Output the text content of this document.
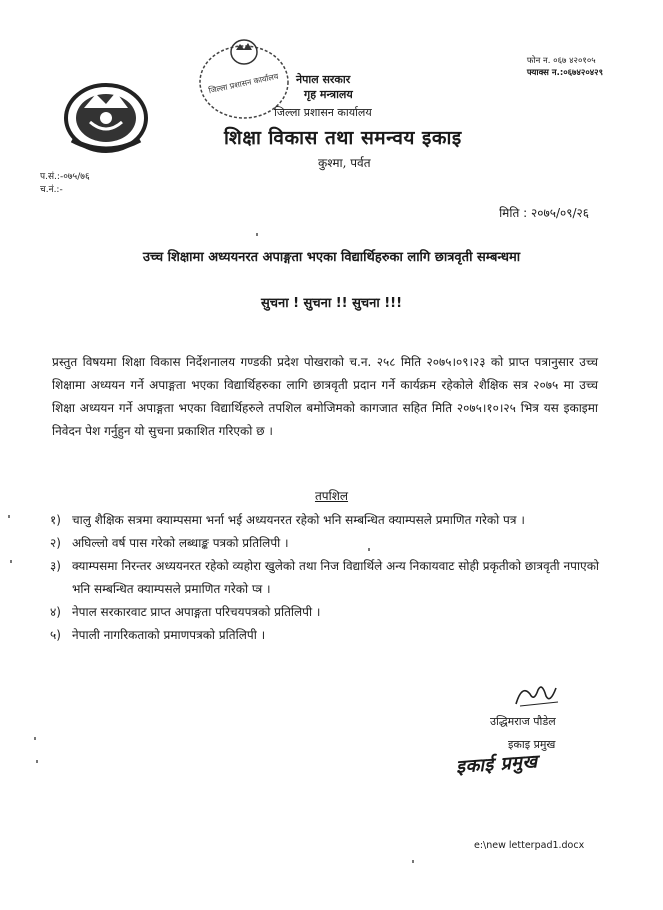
जिल्ला प्रशासन कार्यालय नेपाल सरकार
गृह मन्त्रालय
जिल्ला प्रशासन कार्यालय
शिक्षा विकास तथा समन्वय इकाइ
कुश्मा, पर्वत
फोन न. ०६७ ४२०१०५
फ्याक्स न.:०६७४२०४२९
प.सं.:-०७५/७६
च.नं.:-
मिति : २०७५/०९/२६
उच्च शिक्षामा अध्ययनरत अपाङ्गता भएका विद्यार्थिहरुका लागि छात्रवृती सम्बन्धमा
सुचना ! सुचना !! सुचना !!!
प्रस्तुत विषयमा शिक्षा विकास निर्देशनालय गण्डकी प्रदेश पोखराको च.न. २५८ मिति २०७५।०९।२३ को प्राप्त पत्रानुसार उच्च शिक्षामा अध्ययन गर्ने अपाङ्गता भएका विद्यार्थिहरुका लागि छात्रवृती प्रदान गर्ने कार्यक्रम रहेकोले शैक्षिक सत्र २०७५ मा उच्च शिक्षा अध्ययन गर्ने अपाङ्गता भएका विद्यार्थिहरुले तपशिल बमोजिमको कागजात सहित मिति २०७५।१०।२५ भित्र यस इकाइमा निवेदन पेश गर्नुहुन यो सुचना प्रकाशित गरिएको छ ।
तपशिल
१) चालु शैक्षिक सत्रमा क्याम्पसमा भर्ना भई अध्ययनरत रहेको भनि सम्बन्धित क्याम्पसले प्रमाणित गरेको पत्र ।
२) अघिल्लो वर्ष पास गरेको लब्धाङ्क पत्रको प्रतिलिपी ।
३) क्याम्पसमा निरन्तर अध्ययनरत रहेको व्यहोरा खुलेको तथा निज विद्यार्थिले अन्य निकायवाट सोही प्रकृतीको छात्रवृती नपाएको भनि सम्बन्धित क्याम्पसले प्रमाणित गरेको प्त्र ।
४) नेपाल सरकारवाट प्राप्त अपाङ्गता परिचयपत्रको प्रतिलिपी ।
५) नेपाली नागरिकताको प्रमाणपत्रको प्रतिलिपी ।
उद्धिमराज पौडेल
इकाइ प्रमुख
इकाई प्रमुख
e:\new letterpad1.docx
